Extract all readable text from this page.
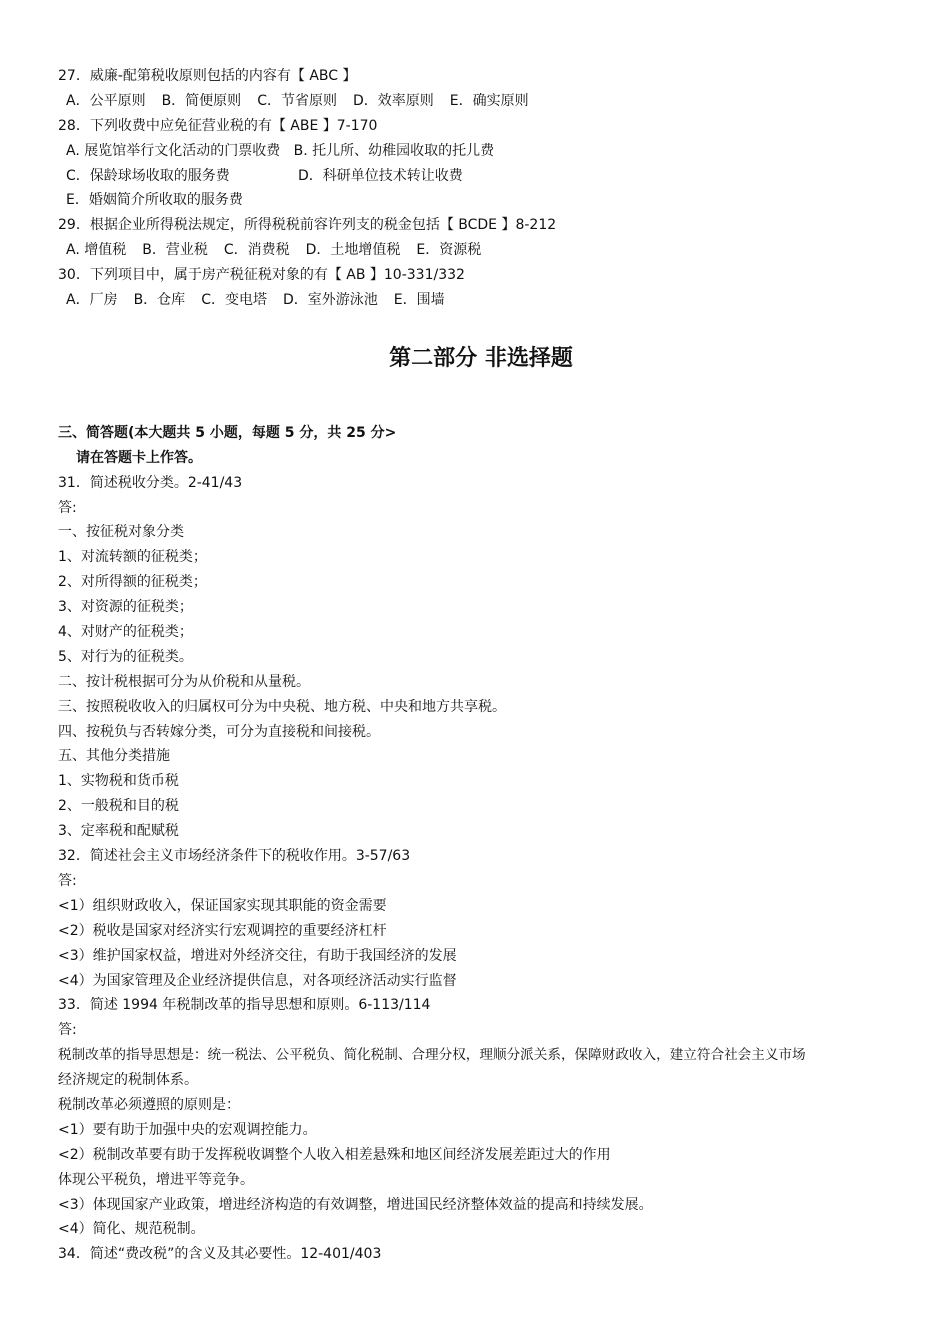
27．威廉-配第税收原则包括的内容有【 ABC 】
A．公平原则 B．简便原则 C．节省原则 D．效率原则 E．确实原则
28．下列收费中应免征营业税的有【 ABE 】7-170
A. 展览馆举行文化活动的门票收费 B. 托儿所、幼稚园收取的托儿费
C．保龄球场收取的服务费	D．科研单位技术转让收费
E．婚姻简介所收取的服务费
29．根据企业所得税法规定，所得税税前容许列支的税金包括【 BCDE 】8-212
A. 增值税 B．营业税 C．消费税 D．土地增值税 E．资源税
30．下列项目中，属于房产税征税对象的有【 AB 】10-331/332
A．厂房 B．仓库 C．变电塔 D．室外游泳池 E．围墙
第二部分 非选择题
三、简答题(本大题共 5 小题，每题 5 分，共 25 分>
请在答题卡上作答。
31．简述税收分类。2-41/43
答:
一、按征税对象分类
1、对流转额的征税类；
2、对所得额的征税类；
3、对资源的征税类；
4、对财产的征税类；
5、对行为的征税类。
二、按计税根据可分为从价税和从量税。
三、按照税收收入的归属权可分为中央税、地方税、中央和地方共享税。
四、按税负与否转嫁分类，可分为直接税和间接税。
五、其他分类措施
1、实物税和货币税
2、一般税和目的税
3、定率税和配赋税
32．简述社会主义市场经济条件下的税收作用。3-57/63
答:
<1）组织财政收入，保证国家实现其职能的资金需要
<2）税收是国家对经济实行宏观调控的重要经济杠杆
<3）维护国家权益，增进对外经济交往，有助于我国经济的发展
<4）为国家管理及企业经济提供信息，对各项经济活动实行监督
33．简述 1994 年税制改革的指导思想和原则。6-113/114
答:
税制改革的指导思想是：统一税法、公平税负、简化税制、合理分权，理顺分派关系，保障财政收入，建立符合社会主义市场
经济规定的税制体系。
税制改革必须遵照的原则是：
<1）要有助于加强中央的宏观调控能力。
<2）税制改革要有助于发挥税收调整个人收入相差悬殊和地区间经济发展差距过大的作用
体现公平税负，增进平等竞争。
<3）体现国家产业政策，增进经济构造的有效调整，增进国民经济整体效益的提高和持续发展。
<4）简化、规范税制。
34．简述“费改税”的含义及其必要性。12-401/403
